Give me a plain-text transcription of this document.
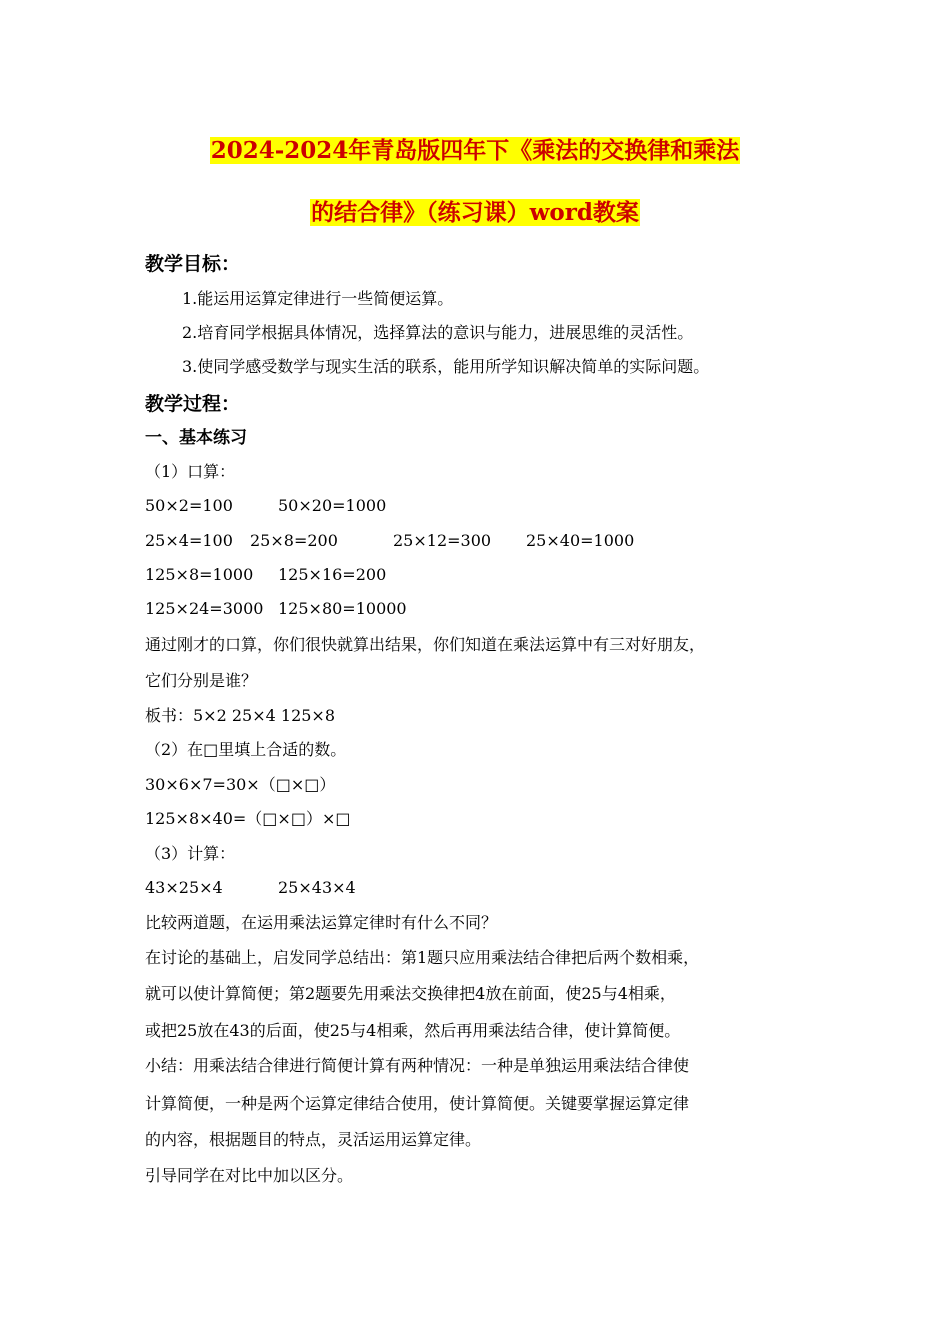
2024-2024年青岛版四年下《乘法的交换律和乘法
的结合律》（练习课）word教案
教学目标：
1.能运用运算定律进行一些简便运算。
2.培育同学根据具体情况，选择算法的意识与能力，进展思维的灵活性。
3.使同学感受数学与现实生活的联系，能用所学知识解决简单的实际问题。
教学过程：
一、基本练习
（1）口算：
50×2=100	50×20=1000
25×4=100 25×8=200	25×12=300 25×40=1000
125×8=1000 125×16=200
125×24=3000 125×80=10000
通过刚才的口算，你们很快就算出结果，你们知道在乘法运算中有三对好朋友，
它们分别是谁？
板书：5×2 25×4 125×8
（2）在□里填上合适的数。
30×6×7=30×（□×□）
125×8×40=（□×□）×□
（3）计算：
43×25×4	25×43×4
比较两道题，在运用乘法运算定律时有什么不同？
在讨论的基础上，启发同学总结出：第1题只应用乘法结合律把后两个数相乘，
就可以使计算简便；第2题要先用乘法交换律把4放在前面，使25与4相乘，
或把25放在43的后面，使25与4相乘，然后再用乘法结合律，使计算简便。
小结：用乘法结合律进行简便计算有两种情况：一种是单独运用乘法结合律使
计算简便，一种是两个运算定律结合使用，使计算简便。关键要掌握运算定律
的内容，根据题目的特点，灵活运用运算定律。
引导同学在对比中加以区分。
